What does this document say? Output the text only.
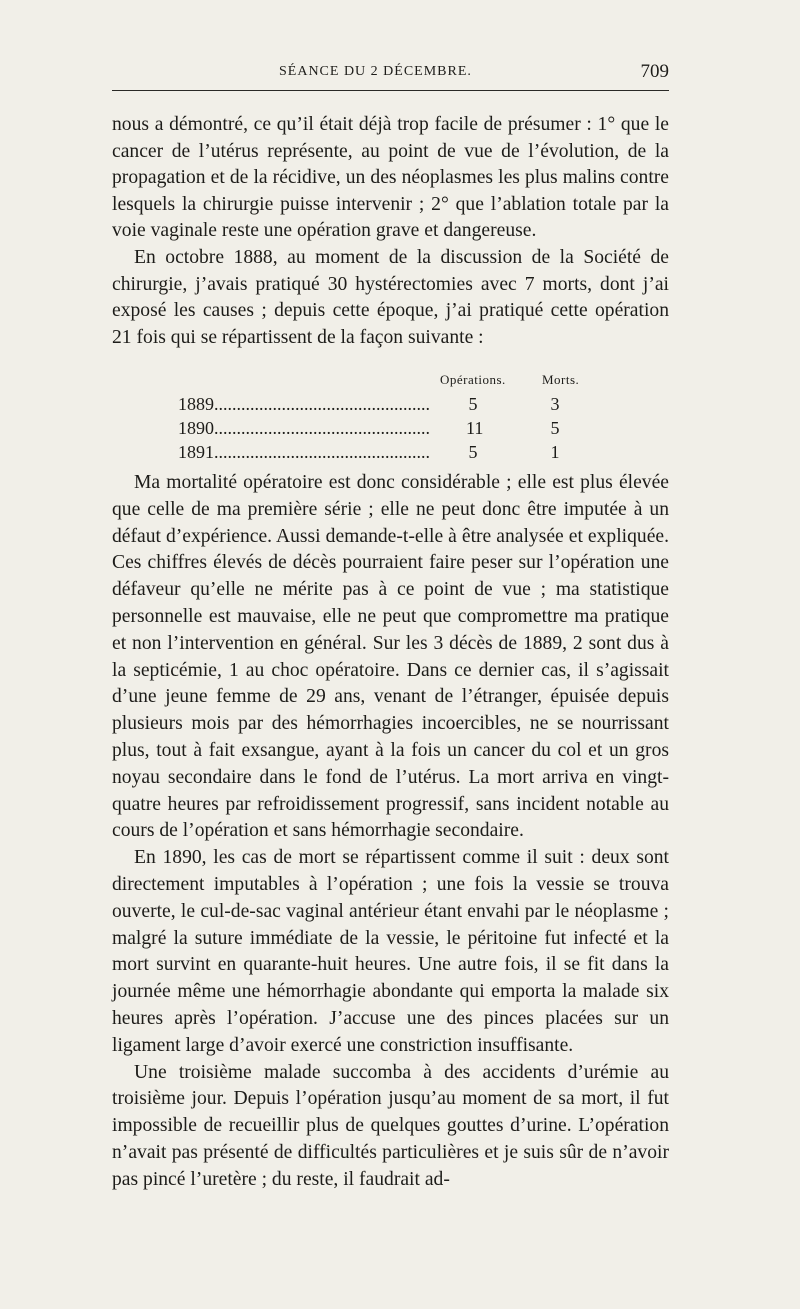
SÉANCE DU 2 DÉCEMBRE.	709

nous a démontré, ce qu’il était déjà trop facile de présumer : 1° que le cancer de l’utérus représente, au point de vue de l’évolution, de la propagation et de la récidive, un des néoplasmes les plus malins contre lesquels la chirurgie puisse intervenir ; 2° que l’ablation totale par la voie vaginale reste une opération grave et dangereuse.

En octobre 1888, au moment de la discussion de la Société de chirurgie, j’avais pratiqué 30 hystérectomies avec 7 morts, dont j’ai exposé les causes ; depuis cette époque, j’ai pratiqué cette opération 21 fois qui se répartissent de la façon suivante :

Opérations.	Morts.
1889................................................	5	3
1890................................................	11	5
1891................................................	5	1

Ma mortalité opératoire est donc considérable ; elle est plus élevée que celle de ma première série ; elle ne peut donc être imputée à un défaut d’expérience. Aussi demande-t-elle à être analysée et expliquée. Ces chiffres élevés de décès pourraient faire peser sur l’opération une défaveur qu’elle ne mérite pas à ce point de vue ; ma statistique personnelle est mauvaise, elle ne peut que compromettre ma pratique et non l’intervention en général. Sur les 3 décès de 1889, 2 sont dus à la septicémie, 1 au choc opératoire. Dans ce dernier cas, il s’agissait d’une jeune femme de 29 ans, venant de l’étranger, épuisée depuis plusieurs mois par des hémorrhagies incoercibles, ne se nourrissant plus, tout à fait exsangue, ayant à la fois un cancer du col et un gros noyau secondaire dans le fond de l’utérus. La mort arriva en vingt-quatre heures par refroidissement progressif, sans incident notable au cours de l’opération et sans hémorrhagie secondaire.

En 1890, les cas de mort se répartissent comme il suit : deux sont directement imputables à l’opération ; une fois la vessie se trouva ouverte, le cul-de-sac vaginal antérieur étant envahi par le néoplasme ; malgré la suture immédiate de la vessie, le péritoine fut infecté et la mort survint en quarante-huit heures. Une autre fois, il se fit dans la journée même une hémorrhagie abondante qui emporta la malade six heures après l’opération. J’accuse une des pinces placées sur un ligament large d’avoir exercé une constriction insuffisante.

Une troisième malade succomba à des accidents d’urémie au troisième jour. Depuis l’opération jusqu’au moment de sa mort, il fut impossible de recueillir plus de quelques gouttes d’urine. L’opération n’avait pas présenté de difficultés particulières et je suis sûr de n’avoir pas pincé l’uretère ; du reste, il faudrait ad-
